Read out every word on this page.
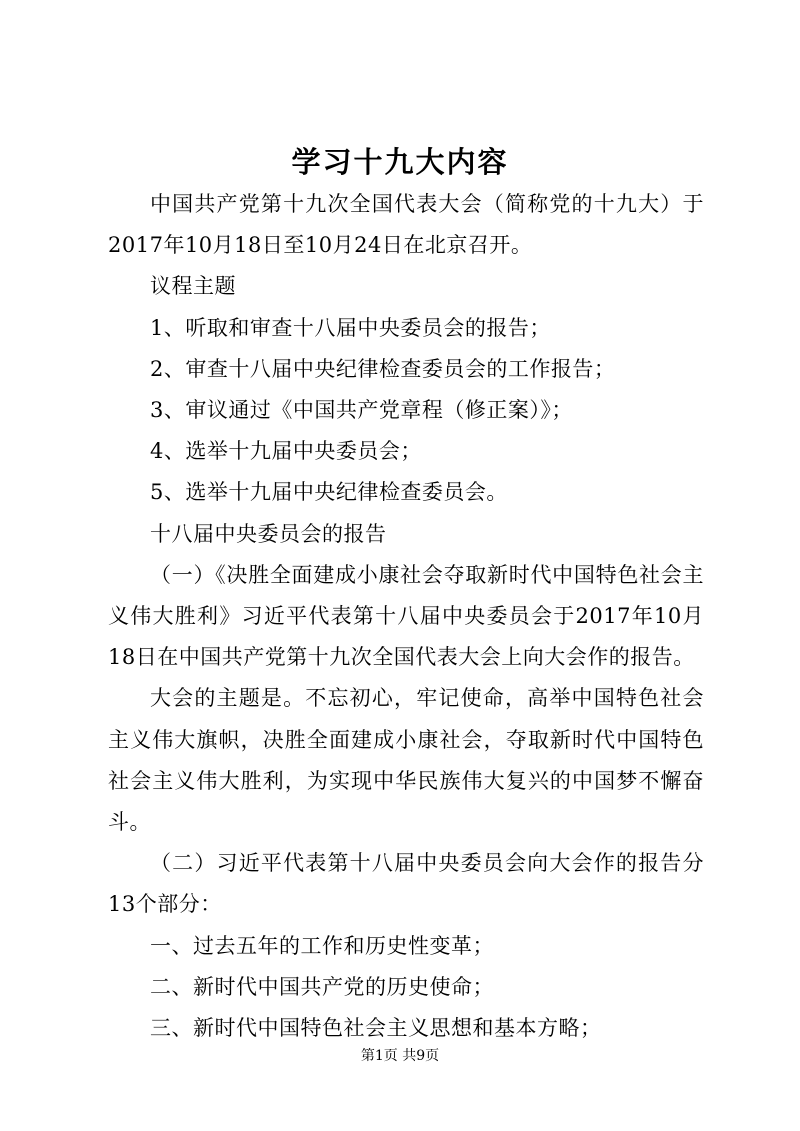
学习十九大内容

中国共产党第十九次全国代表大会（简称党的十九大）于2017年10月18日至10月24日在北京召开。

议程主题

1、听取和审查十八届中央委员会的报告；

2、审查十八届中央纪律检查委员会的工作报告；

3、审议通过《中国共产党章程（修正案）》；

4、选举十九届中央委员会；

5、选举十九届中央纪律检查委员会。

十八届中央委员会的报告

（一）《决胜全面建成小康社会夺取新时代中国特色社会主义伟大胜利》习近平代表第十八届中央委员会于2017年10月18日在中国共产党第十九次全国代表大会上向大会作的报告。

大会的主题是。不忘初心，牢记使命，高举中国特色社会主义伟大旗帜，决胜全面建成小康社会，夺取新时代中国特色社会主义伟大胜利，为实现中华民族伟大复兴的中国梦不懈奋斗。

（二）习近平代表第十八届中央委员会向大会作的报告分13个部分：

一、过去五年的工作和历史性变革；

二、新时代中国共产党的历史使命；

三、新时代中国特色社会主义思想和基本方略；

第1页 共9页
